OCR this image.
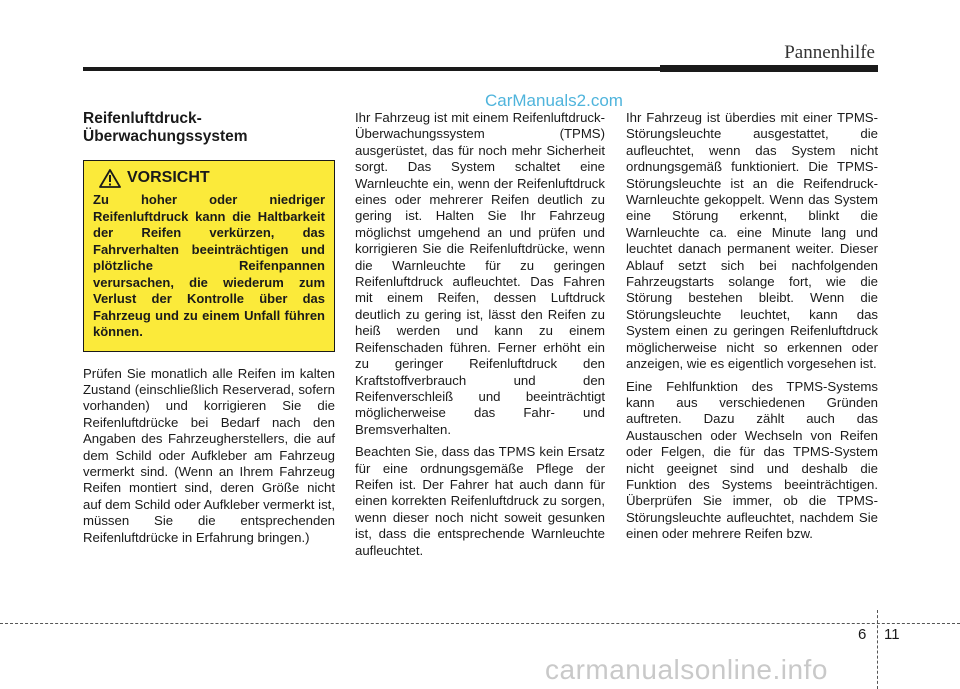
Pannenhilfe
CarManuals2.com
Reifenluftdruck-
Überwachungssystem
VORSICHT
Zu hoher oder niedriger Reifenluftdruck kann die Haltbarkeit der Reifen verkürzen, das Fahrverhalten beeinträchtigen und plötzliche Reifenpannen verursachen, die wiederum zum Verlust der Kontrolle über das Fahrzeug und zu einem Unfall führen können.

Prüfen Sie monatlich alle Reifen im kalten Zustand (einschließlich Reserverad, sofern vorhanden) und korrigieren Sie die Reifenluftdrücke bei Bedarf nach den Angaben des Fahrzeugherstellers, die auf dem Schild oder Aufkleber am Fahrzeug vermerkt sind. (Wenn an Ihrem Fahrzeug Reifen montiert sind, deren Größe nicht auf dem Schild oder Aufkleber vermerkt ist, müssen Sie die entsprechenden Reifenluftdrücke in Erfahrung bringen.)

Ihr Fahrzeug ist mit einem Reifenluftdruck-Überwachungssystem (TPMS) ausgerüstet, das für noch mehr Sicherheit sorgt. Das System schaltet eine Warnleuchte ein, wenn der Reifenluftdruck eines oder mehrerer Reifen deutlich zu gering ist. Halten Sie Ihr Fahrzeug möglichst umgehend an und prüfen und korrigieren Sie die Reifenluftdrücke, wenn die Warnleuchte für zu geringen Reifenluftdruck aufleuchtet. Das Fahren mit einem Reifen, dessen Luftdruck deutlich zu gering ist, lässt den Reifen zu heiß werden und kann zu einem Reifenschaden führen. Ferner erhöht ein zu geringer Reifenluftdruck den Kraftstoffverbrauch und den Reifenverschleiß und beeinträchtigt möglicherweise das Fahr- und Bremsverhalten.

Beachten Sie, dass das TPMS kein Ersatz für eine ordnungsgemäße Pflege der Reifen ist. Der Fahrer hat auch dann für einen korrekten Reifenluftdruck zu sorgen, wenn dieser noch nicht soweit gesunken ist, dass die entsprechende Warnleuchte aufleuchtet.

Ihr Fahrzeug ist überdies mit einer TPMS-Störungsleuchte ausgestattet, die aufleuchtet, wenn das System nicht ordnungsgemäß funktioniert. Die TPMS-Störungsleuchte ist an die Reifendruck-Warnleuchte gekoppelt. Wenn das System eine Störung erkennt, blinkt die Warnleuchte ca. eine Minute lang und leuchtet danach permanent weiter. Dieser Ablauf setzt sich bei nachfolgenden Fahrzeugstarts solange fort, wie die Störung bestehen bleibt. Wenn die Störungsleuchte leuchtet, kann das System einen zu geringen Reifenluftdruck möglicherweise nicht so erkennen oder anzeigen, wie es eigentlich vorgesehen ist.

Eine Fehlfunktion des TPMS-Systems kann aus verschiedenen Gründen auftreten. Dazu zählt auch das Austauschen oder Wechseln von Reifen oder Felgen, die für das TPMS-System nicht geeignet sind und deshalb die Funktion des Systems beeinträchtigen. Überprüfen Sie immer, ob die TPMS-Störungsleuchte aufleuchtet, nachdem Sie einen oder mehrere Reifen bzw.

6 11
carmanualsonline.info
